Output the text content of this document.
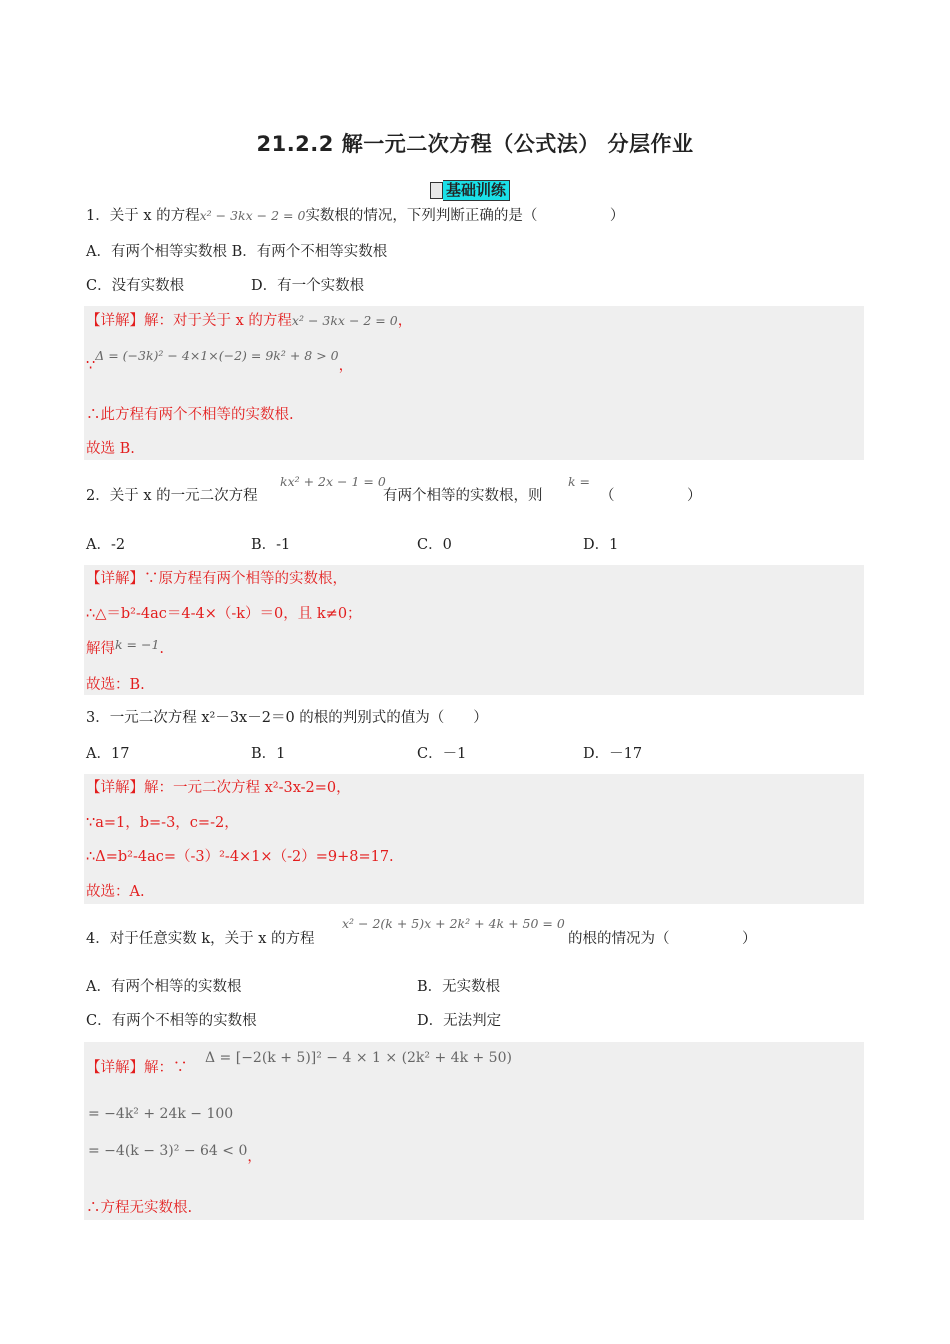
21.2.2 解一元二次方程（公式法） 分层作业
基础训练
1．关于 x 的方程x² − 3kx − 2 = 0实数根的情况，下列判断正确的是（　　　　　）
A．有两个相等实数根 B．有两个不相等实数根
C．没有实数根	D．有一个实数根
【详解】解：对于关于 x 的方程x² − 3kx − 2 = 0，
∵Δ = (−3k)² − 4×1×(−2) = 9k² + 8 > 0，
∴此方程有两个不相等的实数根.
故选 B.
2．关于 x 的一元二次方程
kx² + 2x − 1 = 0
有两个相等的实数根，则
k =
（　　　　　）
A．-2	B．-1	C．0	D．1
【详解】∵原方程有两个相等的实数根，
∴△＝b²-4ac＝4-4×（-k）＝0，且 k≠0；
解得k = −1.
故选：B.
3．一元二次方程 x²－3x－2＝0 的根的判别式的值为（　　）
A．17	B．1	C．－1	D．－17
【详解】解：一元二次方程 x²-3x-2=0，
∵a=1，b=-3，c=-2，
∴Δ=b²-4ac=（-3）²-4×1×（-2）=9+8=17.
故选：A.
4．对于任意实数 k，关于 x 的方程
x² − 2(k + 5)x + 2k² + 4k + 50 = 0
的根的情况为（　　　　　）
A．有两个相等的实数根	B．无实数根
C．有两个不相等的实数根	D．无法判定
【详解】解：∵
Δ = [−2(k + 5)]² − 4 × 1 × (2k² + 4k + 50)
= −4k² + 24k − 100
= −4(k − 3)² − 64 < 0，
∴方程无实数根.
